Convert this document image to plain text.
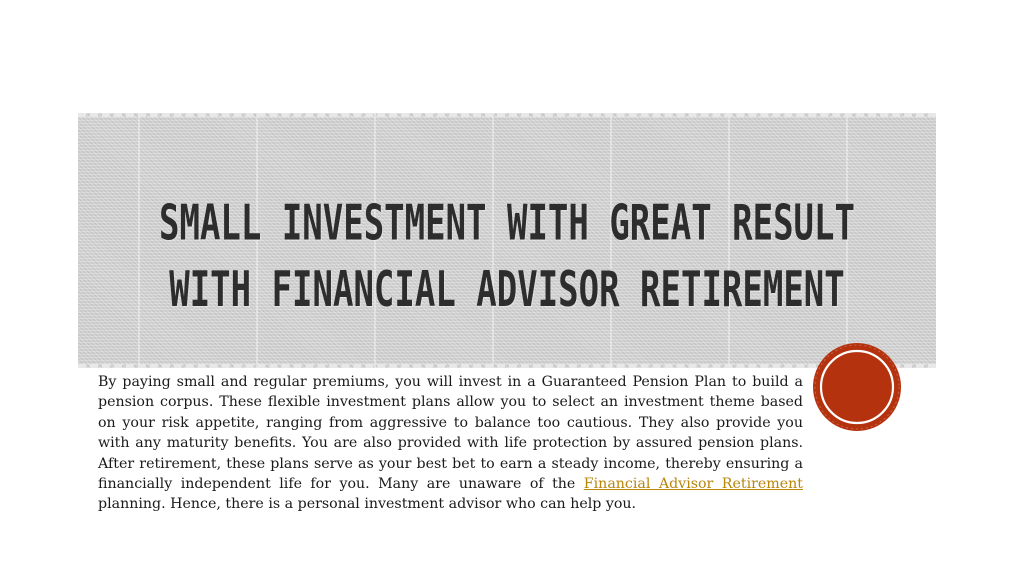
SMALL INVESTMENT WITH GREAT RESULT
WITH FINANCIAL ADVISOR RETIREMENT

By paying small and regular premiums, you will invest in a Guaranteed Pension Plan to build a pension corpus. These flexible investment plans allow you to select an investment theme based on your risk appetite, ranging from aggressive to balance too cautious. They also provide you with any maturity benefits. You are also provided with life protection by assured pension plans. After retirement, these plans serve as your best bet to earn a steady income, thereby ensuring a financially independent life for you. Many are unaware of the Financial Advisor Retirement planning. Hence, there is a personal investment advisor who can help you.
